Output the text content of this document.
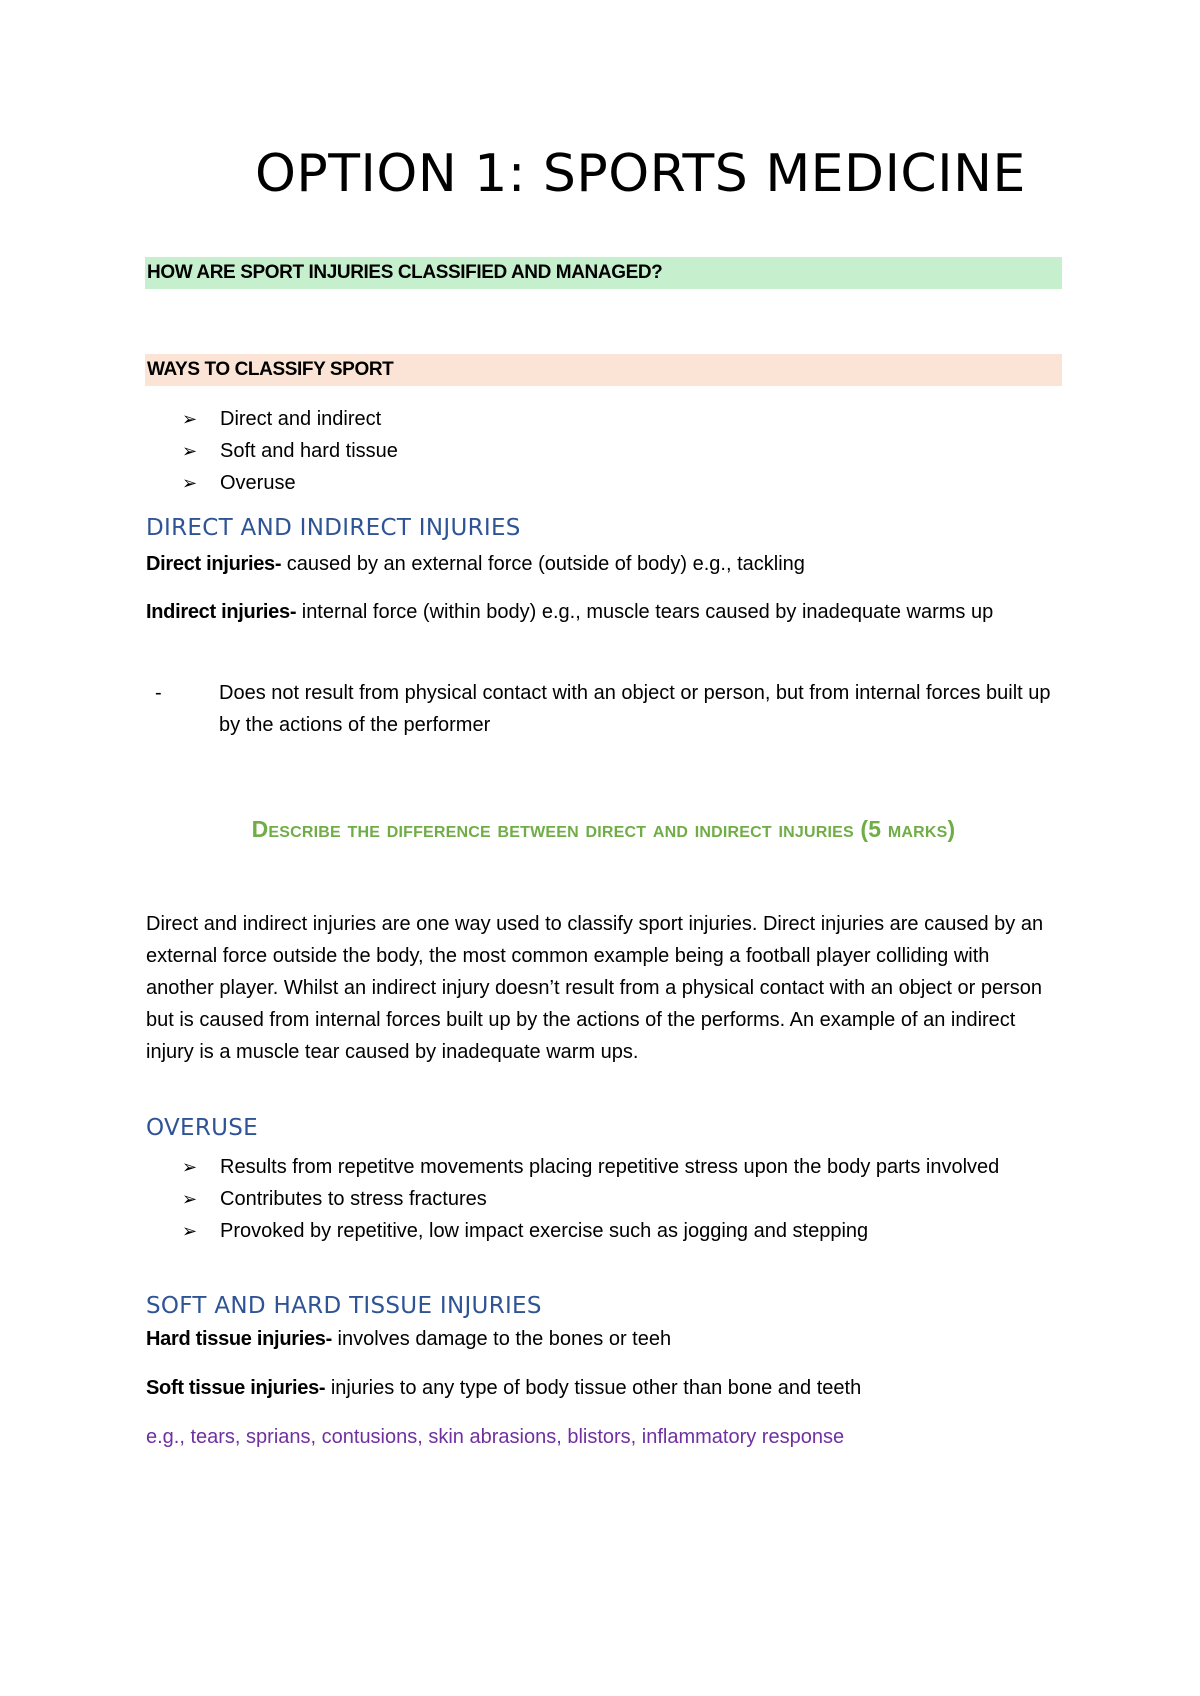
OPTION 1: SPORTS MEDICINE
HOW ARE SPORT INJURIES CLASSIFIED AND MANAGED?
WAYS TO CLASSIFY SPORT
➢	Direct and indirect
➢	Soft and hard tissue
➢	Overuse
DIRECT AND INDIRECT INJURIES
Direct injuries- caused by an external force (outside of body) e.g., tackling
Indirect injuries- internal force (within body) e.g., muscle tears caused by inadequate warms up
-	Does not result from physical contact with an object or person, but from internal forces built up by the actions of the performer
Describe the difference between direct and indirect injuries (5 marks)
Direct and indirect injuries are one way used to classify sport injuries. Direct injuries are caused by an external force outside the body, the most common example being a football player colliding with another player. Whilst an indirect injury doesn’t result from a physical contact with an object or person but is caused from internal forces built up by the actions of the performs. An example of an indirect injury is a muscle tear caused by inadequate warm ups.
OVERUSE
➢	Results from repetitve movements placing repetitive stress upon the body parts involved
➢	Contributes to stress fractures
➢	Provoked by repetitive, low impact exercise such as jogging and stepping
SOFT AND HARD TISSUE INJURIES
Hard tissue injuries- involves damage to the bones or teeh
Soft tissue injuries- injuries to any type of body tissue other than bone and teeth
e.g., tears, sprians, contusions, skin abrasions, blistors, inflammatory response
